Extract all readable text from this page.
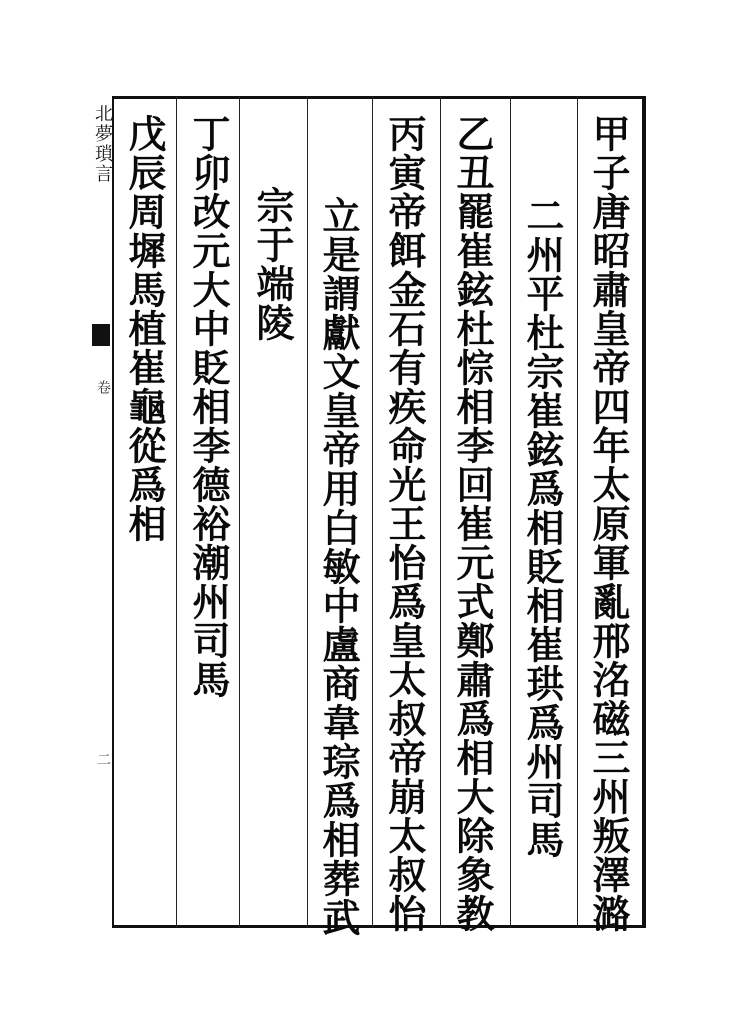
北夢瑣言
卷
二	甲子唐昭肅皇帝四年太原軍亂邢洺磁三州叛澤潞
二州平杜宗崔鉉爲相貶相崔珙爲州司馬
乙丑罷崔鉉杜悰相李回崔元式鄭肅爲相大除象教
丙寅帝餌金石有疾命光王怡爲皇太叔帝崩太叔怡
立是謂獻文皇帝用白敏中盧商韋琮爲相葬武
宗于端陵
丁卯改元大中貶相李德裕潮州司馬
戊辰周墀馬植崔龜從爲相
